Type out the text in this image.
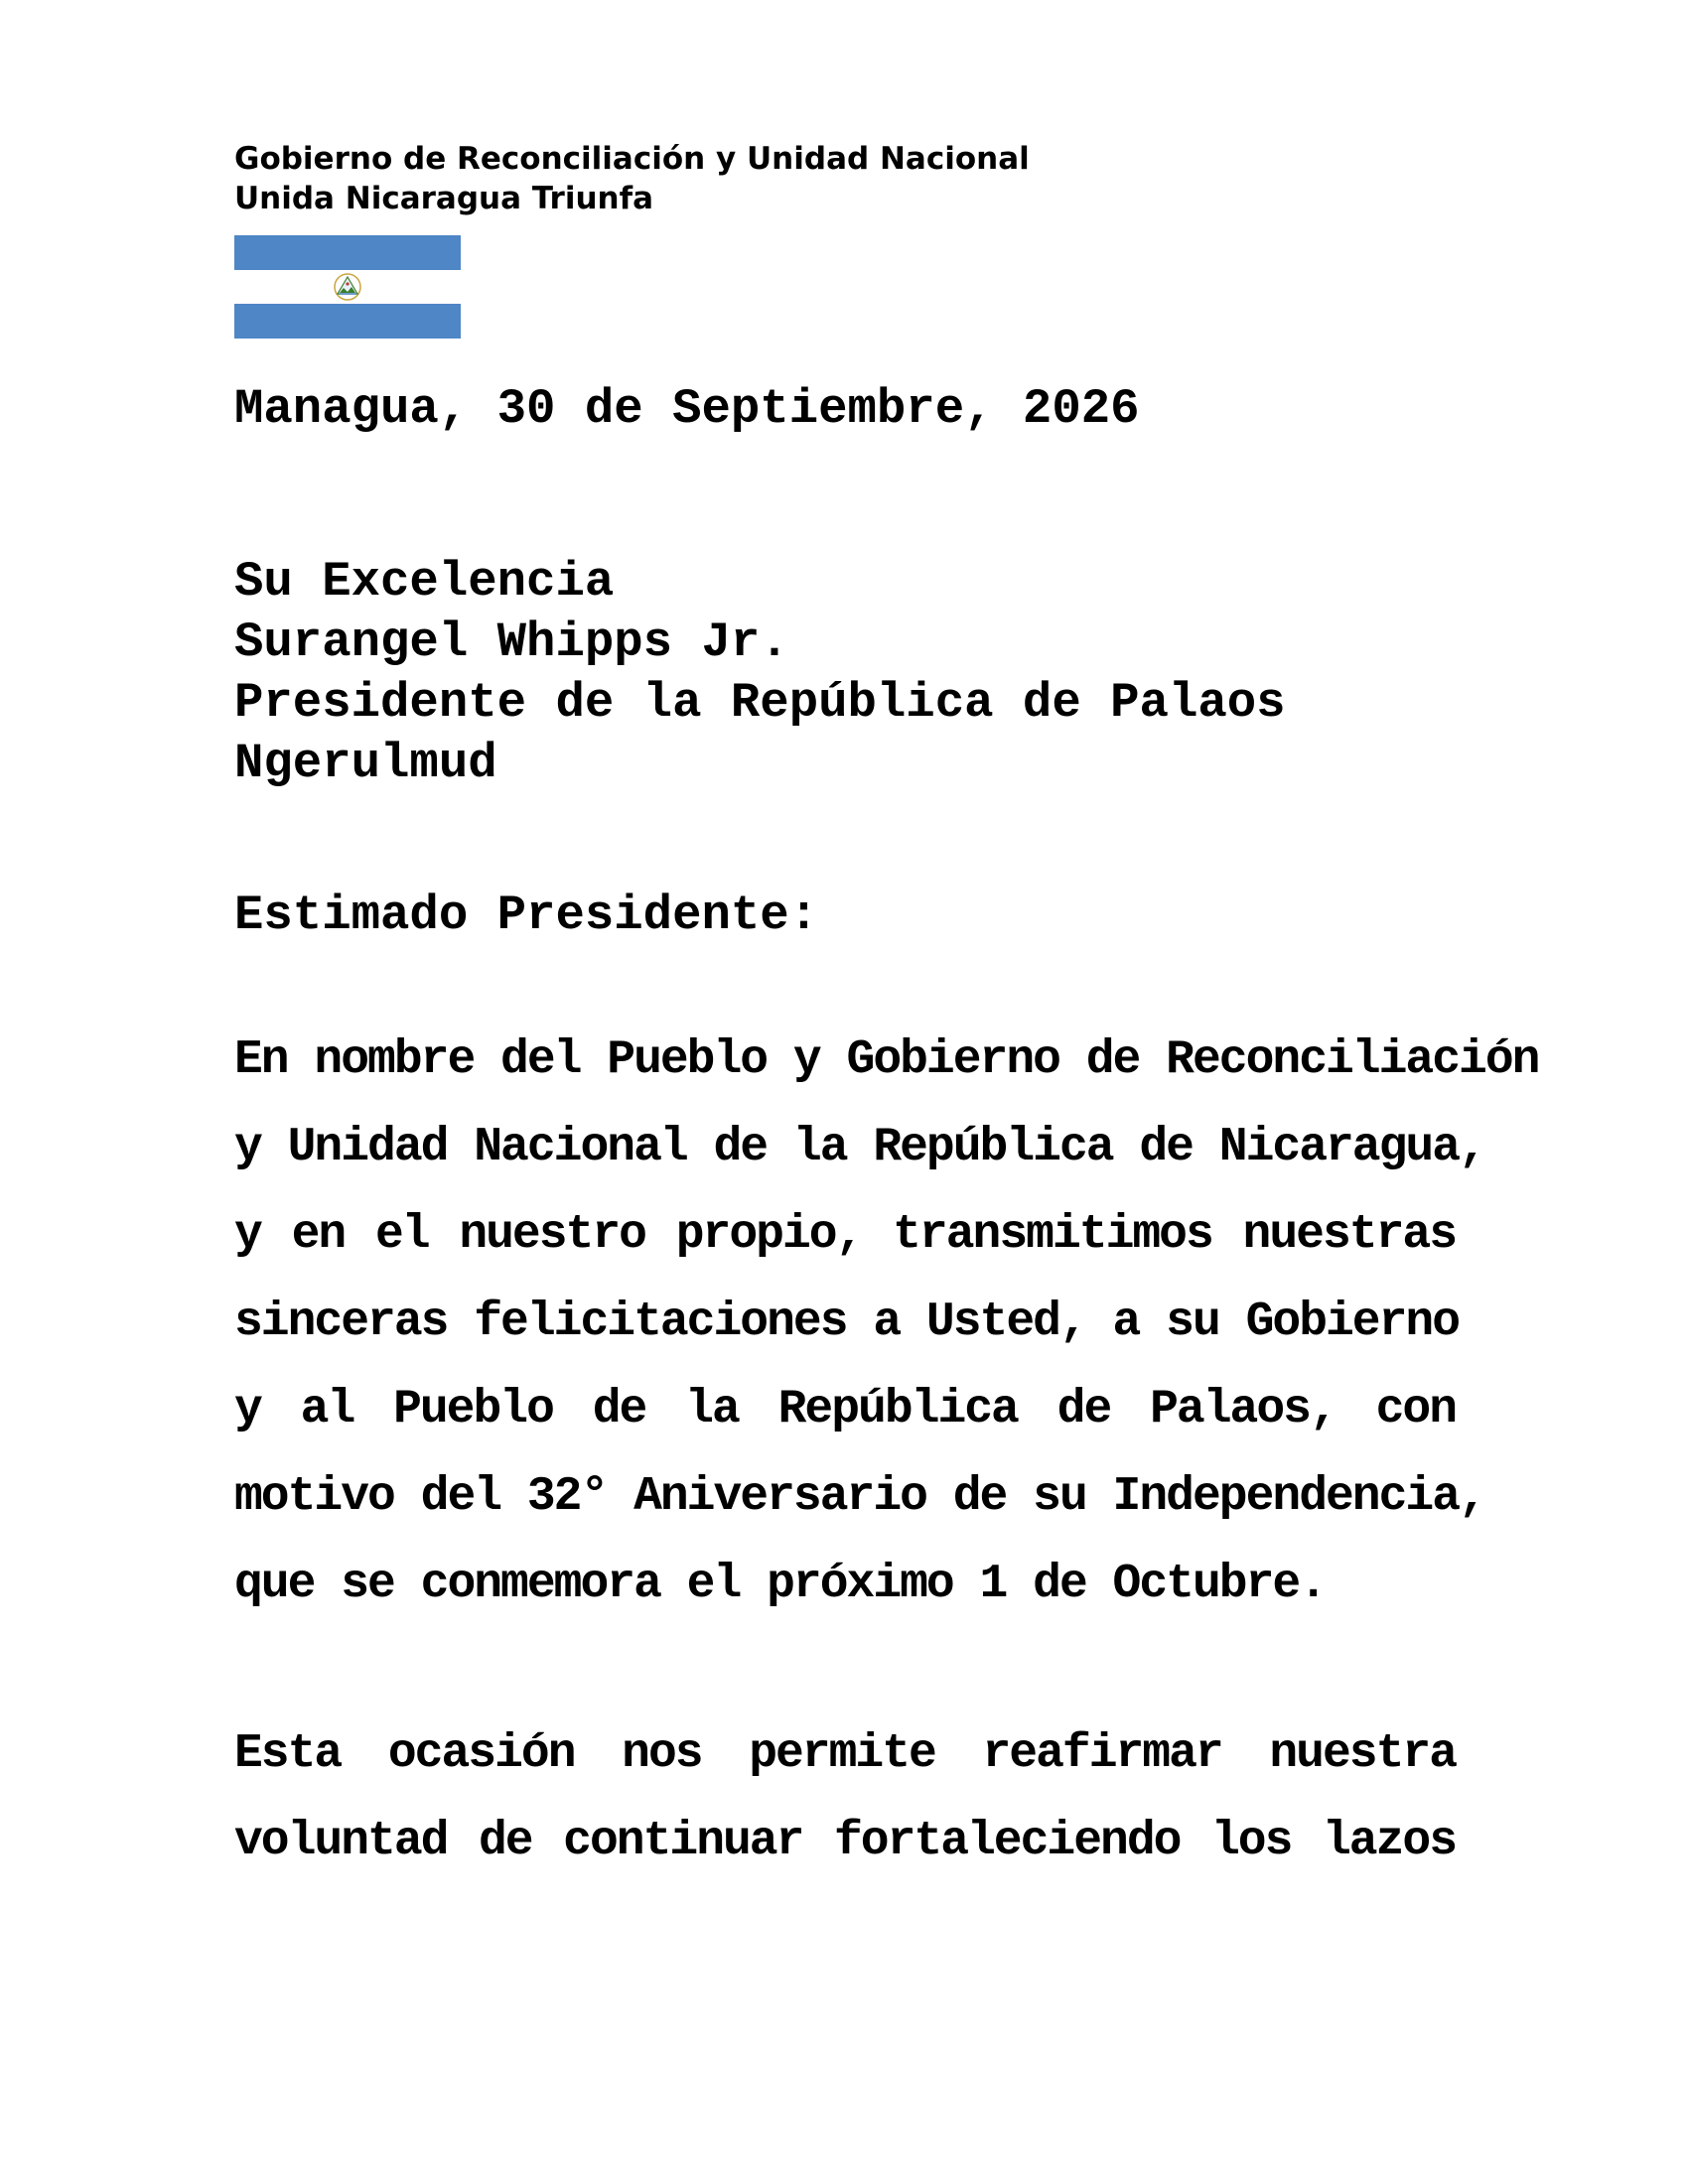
Gobierno de Reconciliación y Unidad Nacional
Unida Nicaragua Triunfa
Managua, 30 de Septiembre, 2026
Su Excelencia
Surangel Whipps Jr.
Presidente de la República de Palaos
Ngerulmud
Estimado Presidente:
En nombre del Pueblo y Gobierno de Reconciliación
y Unidad Nacional de la República de Nicaragua,
y en el nuestro propio, transmitimos nuestras
sinceras felicitaciones a Usted, a su Gobierno
y al Pueblo de la República de Palaos, con
motivo del 32° Aniversario de su Independencia,
que se conmemora el próximo 1 de Octubre.
Esta ocasión nos permite reafirmar nuestra
voluntad de continuar fortaleciendo los lazos
